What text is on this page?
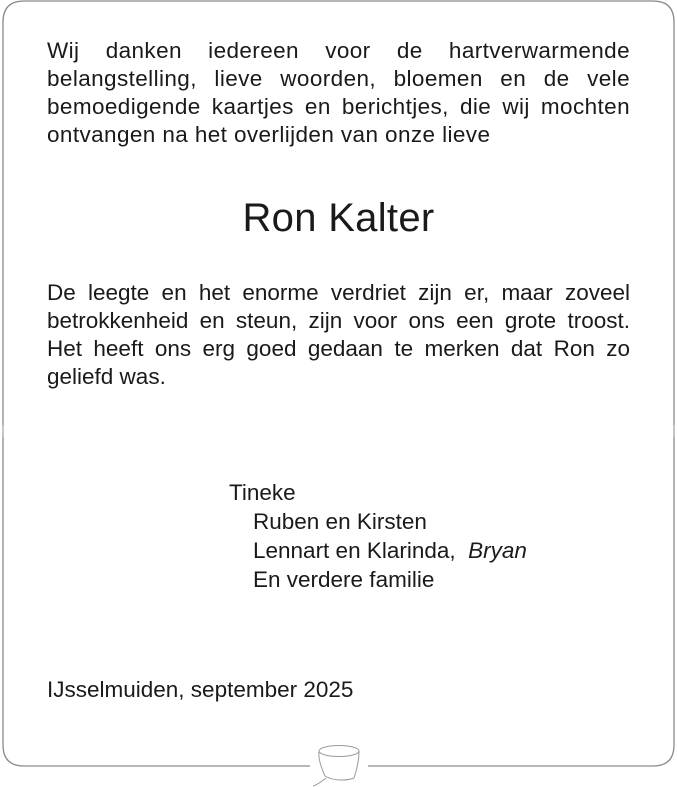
Wij danken iedereen voor de hartverwarmende belangstelling, lieve woorden, bloemen en de vele bemoedigende kaartjes en berichtjes, die wij mochten ontvangen na het overlijden van onze lieve
Ron Kalter
De leegte en het enorme verdriet zijn er, maar zoveel betrokkenheid en steun, zijn voor ons een grote troost. Het heeft ons erg goed gedaan te merken dat Ron zo geliefd was.
Tineke
Ruben en Kirsten
Lennart en Klarinda, Bryan
En verdere familie
IJsselmuiden, september 2025
